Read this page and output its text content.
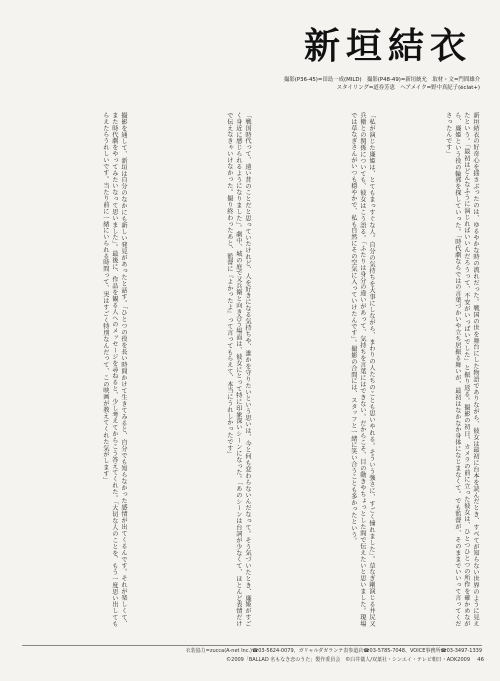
新垣結衣
撮影(P36-45)=田島一成(MILD)　撮影(P48-49)=新垣統允　取材・文=門間雄介
スタイリング=道券芳恵　ヘアメイク=野中真紀子(éclat+)
新垣結衣の好奇心を揺さぶったのは、ゆるやかな時の流れだった。戦国の世を舞台にした物語でありながら、彼女は最初に台本を読んだとき、すべてが知らない世界のように見えたという。「最初はどんなふうに演じればいいんだろうって、不安がいっぱいでした」と振り返る。撮影の初日、カメラの前に立った彼女は、ひとつひとつの所作を確かめながら、廉姫という役の輪郭を探していった。「時代劇ならではの言葉づかいや立ち居振る舞いが、最初はなかなか身体になじまなくて。でも監督が、そのままでいいって言ってくださったんです」
「私が演じた廉姫は、とてもまっすぐな人。自分の気持ちを大事にしながら、まわりの人たちのことも思いやれる。そういう強さに、すごく憧れました」。草なぎ剛演じる井尻又兵衛との関係についても、彼女はこう語る。「ふたりは身分の違いがあって、気持ちを言葉にはできない。だからこそ、目の動きやちょっとした間で伝えたいと思いました。現場では草なぎさんがいつも穏やかで、私も自然にその空気に入っていけたんです」。撮影の合間には、スタッフと一緒に笑い合うことも多かったという。
「戦国時代って、遠い昔のことだと思っていたけれど、人を好きになる気持ちや、誰かを守りたいという思いは、今と何も変わらないんだなって。そう気づいたとき、廉姫がすごく身近に感じられるようになりました」。劇中、城の庭で又兵衛と向き合う場面は、彼女にとって特に印象深いシーンになった。「あのシーンは台詞が少なくて、ほとんど表情だけで伝えなきゃいけなかった。撮り終わったあと、監督に『よかったよ』って言ってもらえて、本当にうれしかったです」
撮影を通して、新垣は自分のなかにも新しい発見があったと話す。「ひとつの役を長い時間かけて生きてみると、自分でも知らなかった感情が出てくるんです。それが楽しくて、また時代劇をやってみたいなって思いました」。最後に、作品を観る人へのメッセージを尋ねると、少し考えてからこう答えてくれた。「大切な人のことを、もう一度思い出してもらえたらうれしいです。当たり前に一緒にいられる時間って、実はすごく特別なんだって、この映画が教えてくれた気がします」
衣装協力=zucca(A-net Inc.)☎03-5624-0079、ガリャルダガランテ表参道店☎03-5785-7048、VOICE事務所☎03-3497-1339
©2009「BALLAD 名もなき恋のうた」製作委員会　©臼井儀人/双葉社・シンエイ・テレビ朝日・ADK2009 46
